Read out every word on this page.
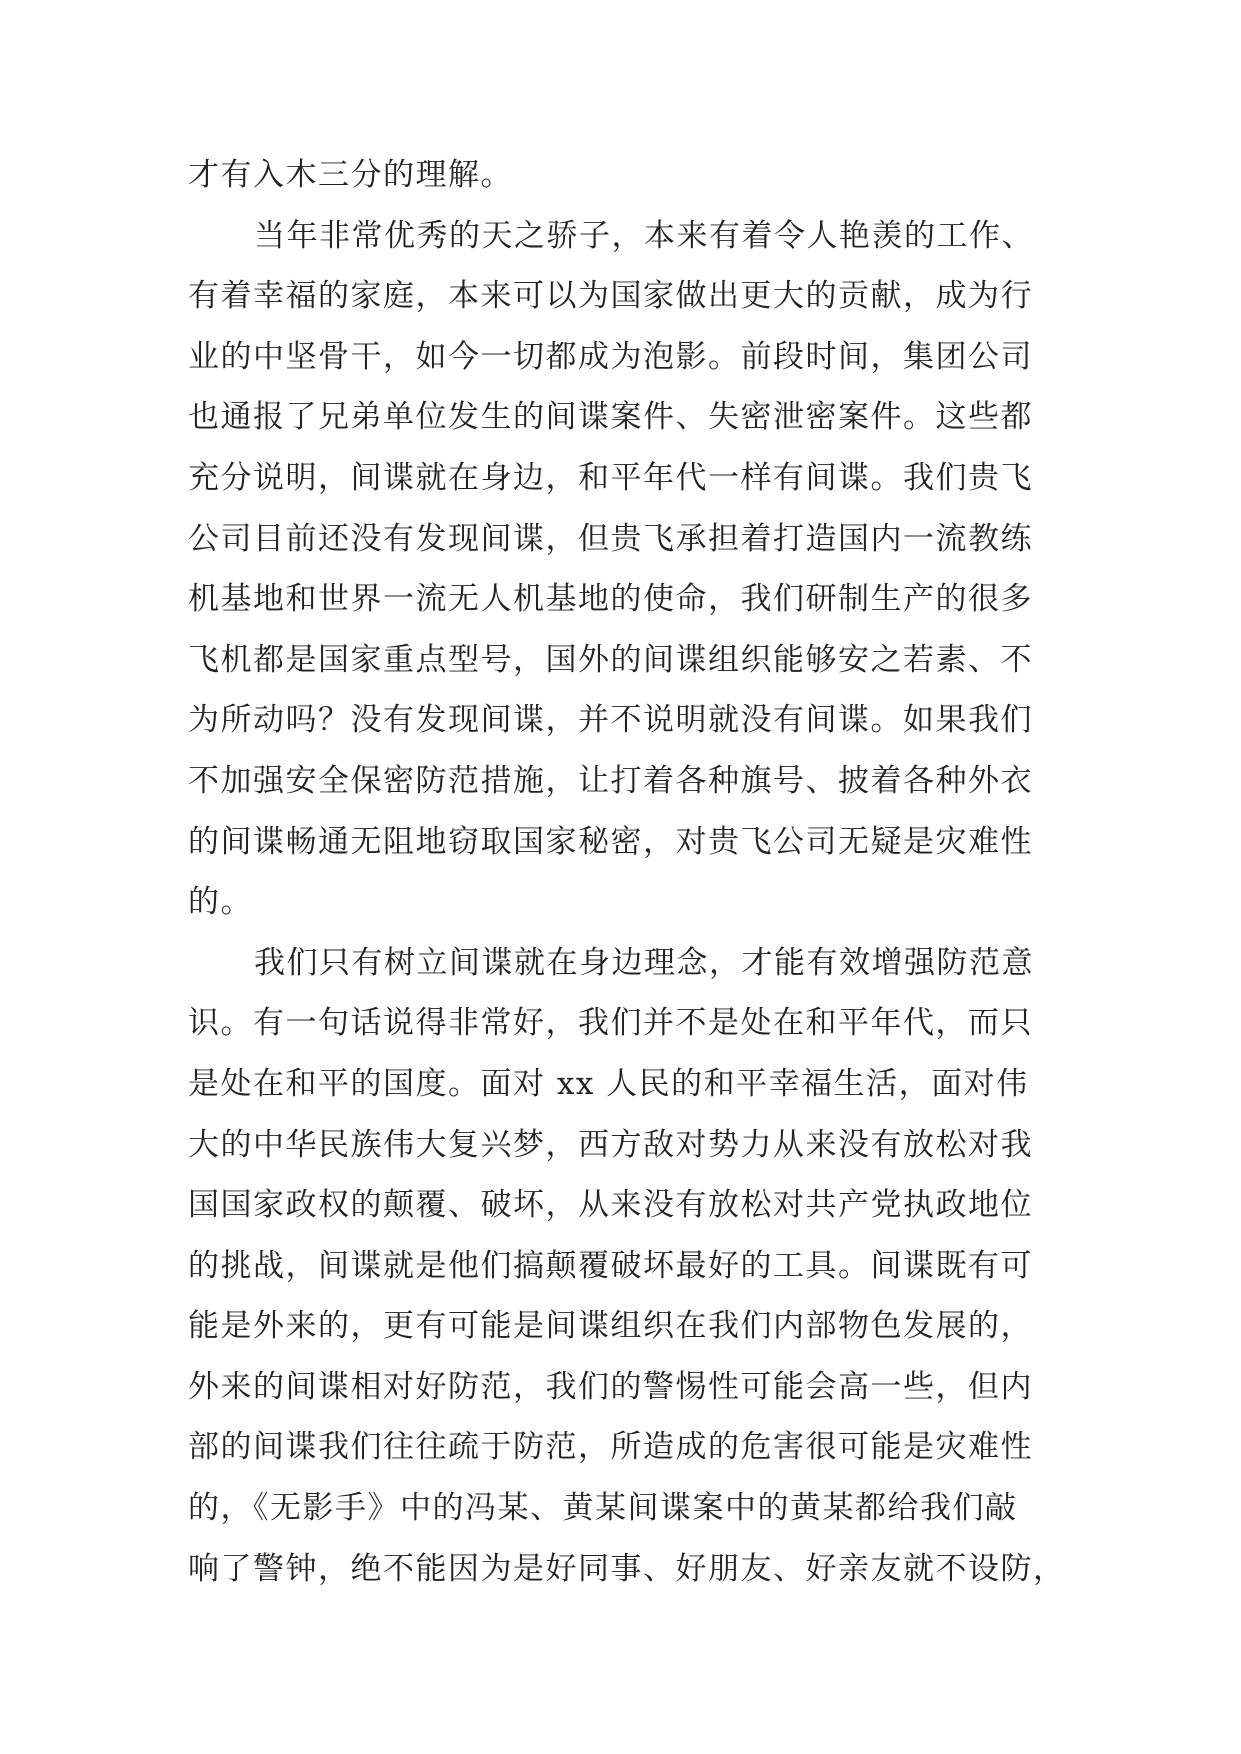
才有入木三分的理解。
当年非常优秀的天之骄子，本来有着令人艳羡的工作、
有着幸福的家庭，本来可以为国家做出更大的贡献，成为行
业的中坚骨干，如今一切都成为泡影。前段时间，集团公司
也通报了兄弟单位发生的间谍案件、失密泄密案件。这些都
充分说明，间谍就在身边，和平年代一样有间谍。我们贵飞
公司目前还没有发现间谍，但贵飞承担着打造国内一流教练
机基地和世界一流无人机基地的使命，我们研制生产的很多
飞机都是国家重点型号，国外的间谍组织能够安之若素、不
为所动吗？没有发现间谍，并不说明就没有间谍。如果我们
不加强安全保密防范措施，让打着各种旗号、披着各种外衣
的间谍畅通无阻地窃取国家秘密，对贵飞公司无疑是灾难性
的。
我们只有树立间谍就在身边理念，才能有效增强防范意
识。有一句话说得非常好，我们并不是处在和平年代，而只
是处在和平的国度。面对 xx 人民的和平幸福生活，面对伟
大的中华民族伟大复兴梦，西方敌对势力从来没有放松对我
国国家政权的颠覆、破坏，从来没有放松对共产党执政地位
的挑战，间谍就是他们搞颠覆破坏最好的工具。间谍既有可
能是外来的，更有可能是间谍组织在我们内部物色发展的，
外来的间谍相对好防范，我们的警惕性可能会高一些，但内
部的间谍我们往往疏于防范，所造成的危害很可能是灾难性
的，《无影手》中的冯某、黄某间谍案中的黄某都给我们敲
响了警钟，绝不能因为是好同事、好朋友、好亲友就不设防，
